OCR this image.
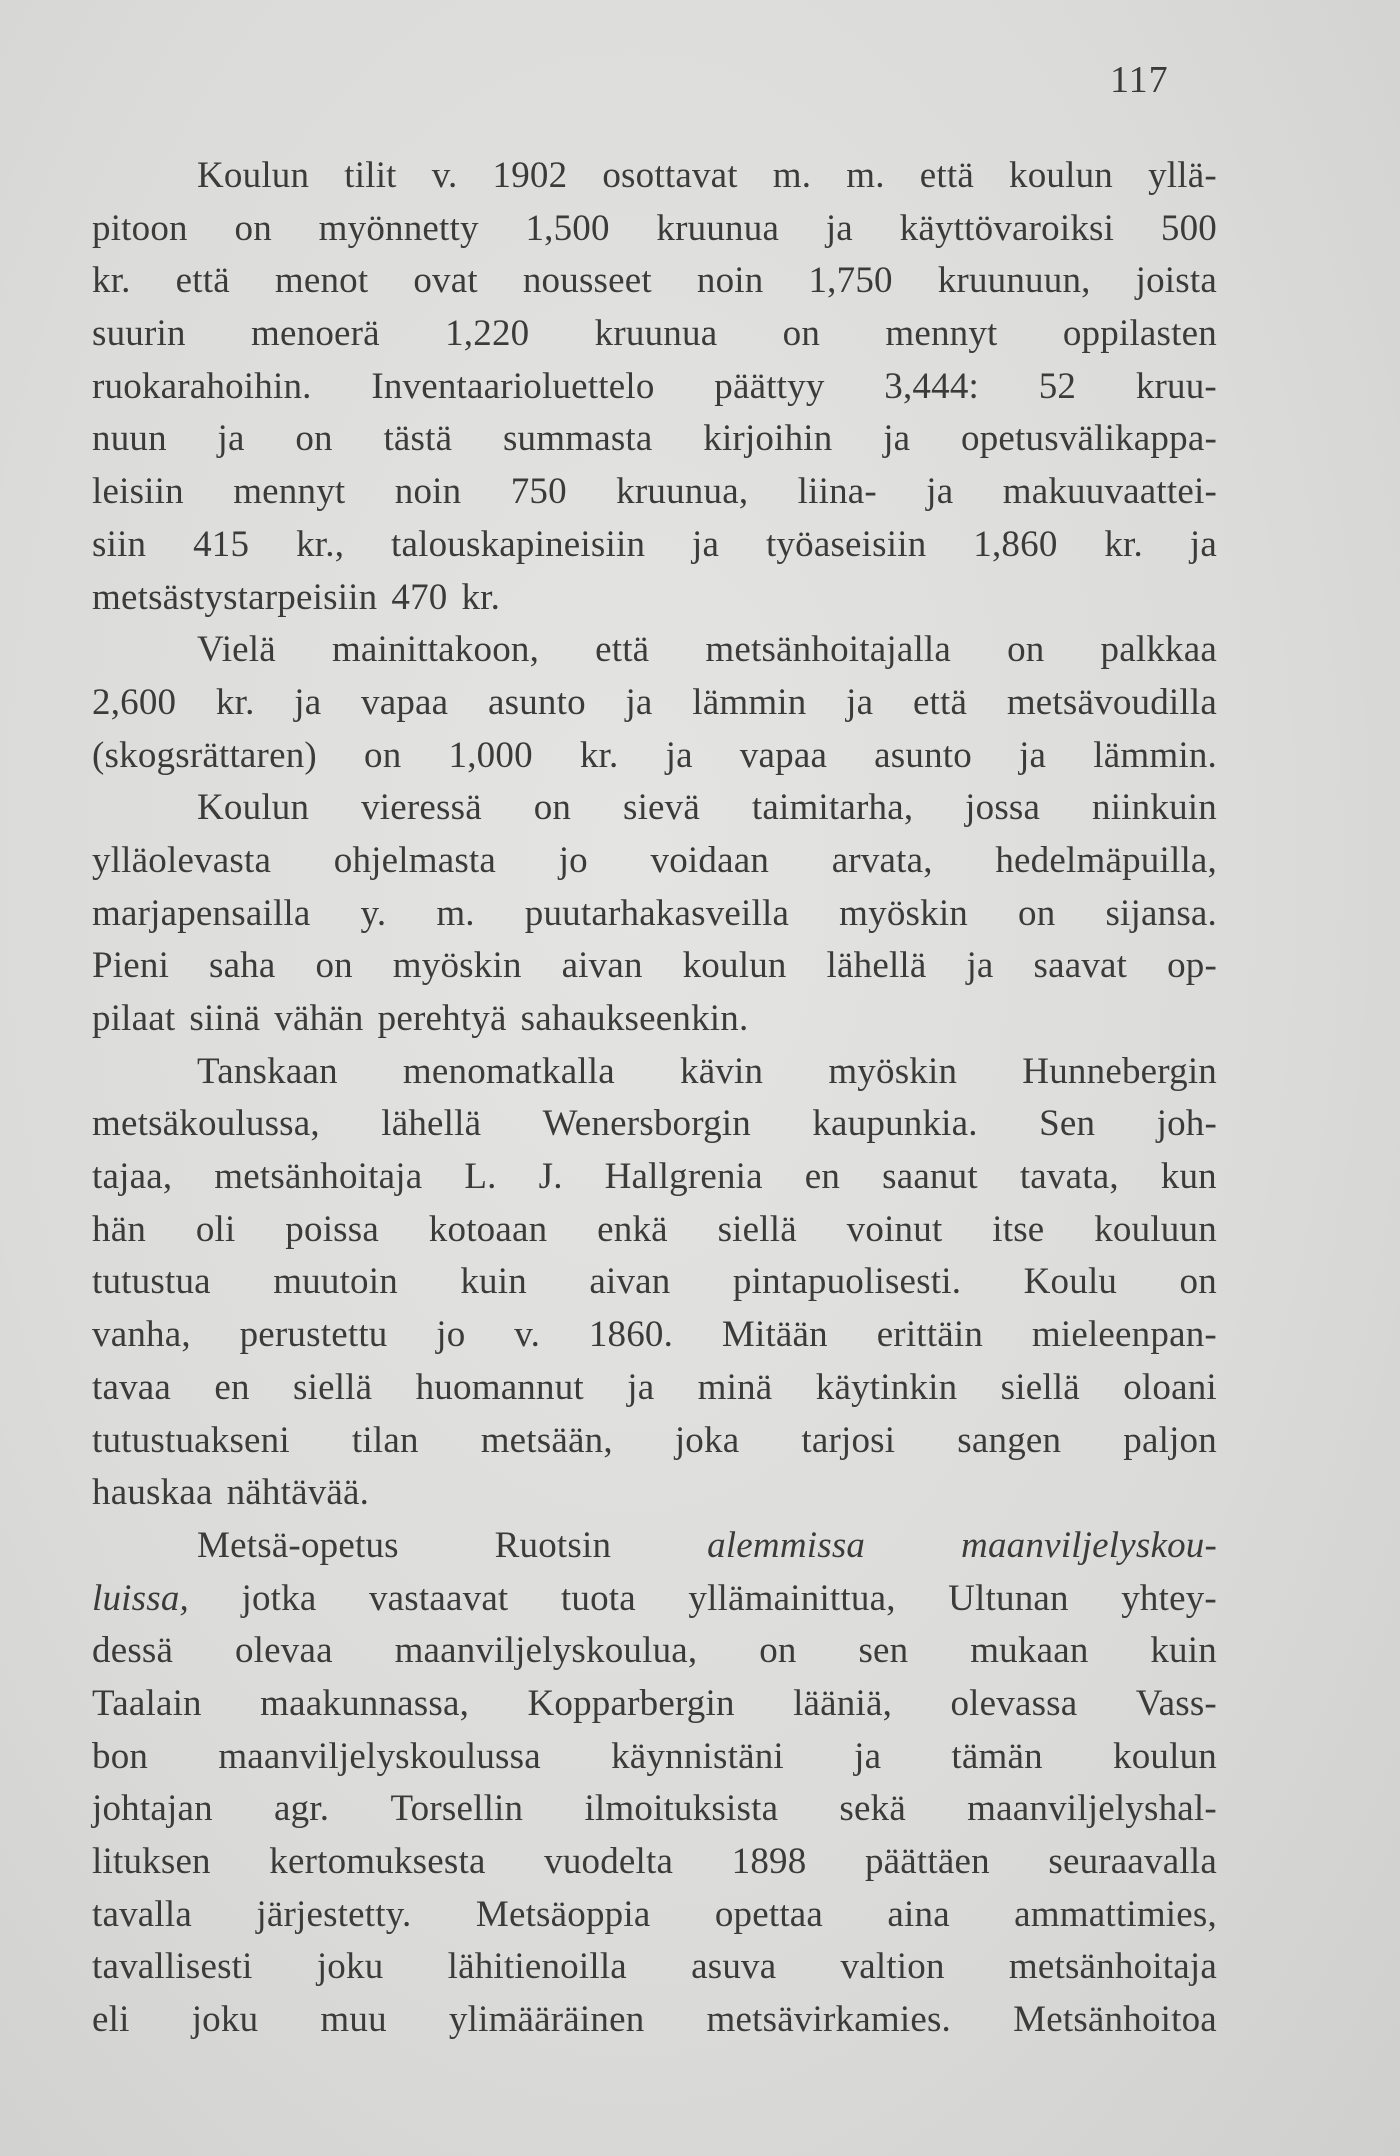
117
Koulun tilit v. 1902 osottavat m. m. että koulun yllä-
pitoon on myönnetty 1,500 kruunua ja käyttövaroiksi 500
kr. että menot ovat nousseet noin 1,750 kruunuun, joista
suurin menoerä 1,220 kruunua on mennyt oppilasten
ruokarahoihin. Inventaarioluettelo päättyy 3,444: 52 kruu-
nuun ja on tästä summasta kirjoihin ja opetusvälikappa-
leisiin mennyt noin 750 kruunua, liina- ja makuuvaattei-
siin 415 kr., talouskapineisiin ja työaseisiin 1,860 kr. ja
metsästystarpeisiin 470 kr.
Vielä mainittakoon, että metsänhoitajalla on palkkaa
2,600 kr. ja vapaa asunto ja lämmin ja että metsävoudilla
(skogsrättaren) on 1,000 kr. ja vapaa asunto ja lämmin.
Koulun vieressä on sievä taimitarha, jossa niinkuin
ylläolevasta ohjelmasta jo voidaan arvata, hedelmäpuilla,
marjapensailla y. m. puutarhakasveilla myöskin on sijansa.
Pieni saha on myöskin aivan koulun lähellä ja saavat op-
pilaat siinä vähän perehtyä sahaukseenkin.
Tanskaan menomatkalla kävin myöskin Hunnebergin
metsäkoulussa, lähellä Wenersborgin kaupunkia. Sen joh-
tajaa, metsänhoitaja L. J. Hallgrenia en saanut tavata, kun
hän oli poissa kotoaan enkä siellä voinut itse kouluun
tutustua muutoin kuin aivan pintapuolisesti. Koulu on
vanha, perustettu jo v. 1860. Mitään erittäin mieleenpan-
tavaa en siellä huomannut ja minä käytinkin siellä oloani
tutustuakseni tilan metsään, joka tarjosi sangen paljon
hauskaa nähtävää.
Metsä-opetus	Ruotsin	alemmissa	maanviljelyskou-
luissa, jotka vastaavat tuota yllämainittua, Ultunan yhtey-
dessä olevaa maanviljelyskoulua, on sen mukaan kuin
Taalain maakunnassa, Kopparbergin lääniä, olevassa Vass-
bon maanviljelyskoulussa käynnistäni ja tämän koulun
johtajan agr. Torsellin ilmoituksista sekä maanviljelyshal-
lituksen kertomuksesta vuodelta 1898 päättäen seuraavalla
tavalla järjestetty. Metsäoppia opettaa aina ammattimies,
tavallisesti joku lähitienoilla asuva valtion metsänhoitaja
eli joku muu ylimääräinen metsävirkamies. Metsänhoitoa
